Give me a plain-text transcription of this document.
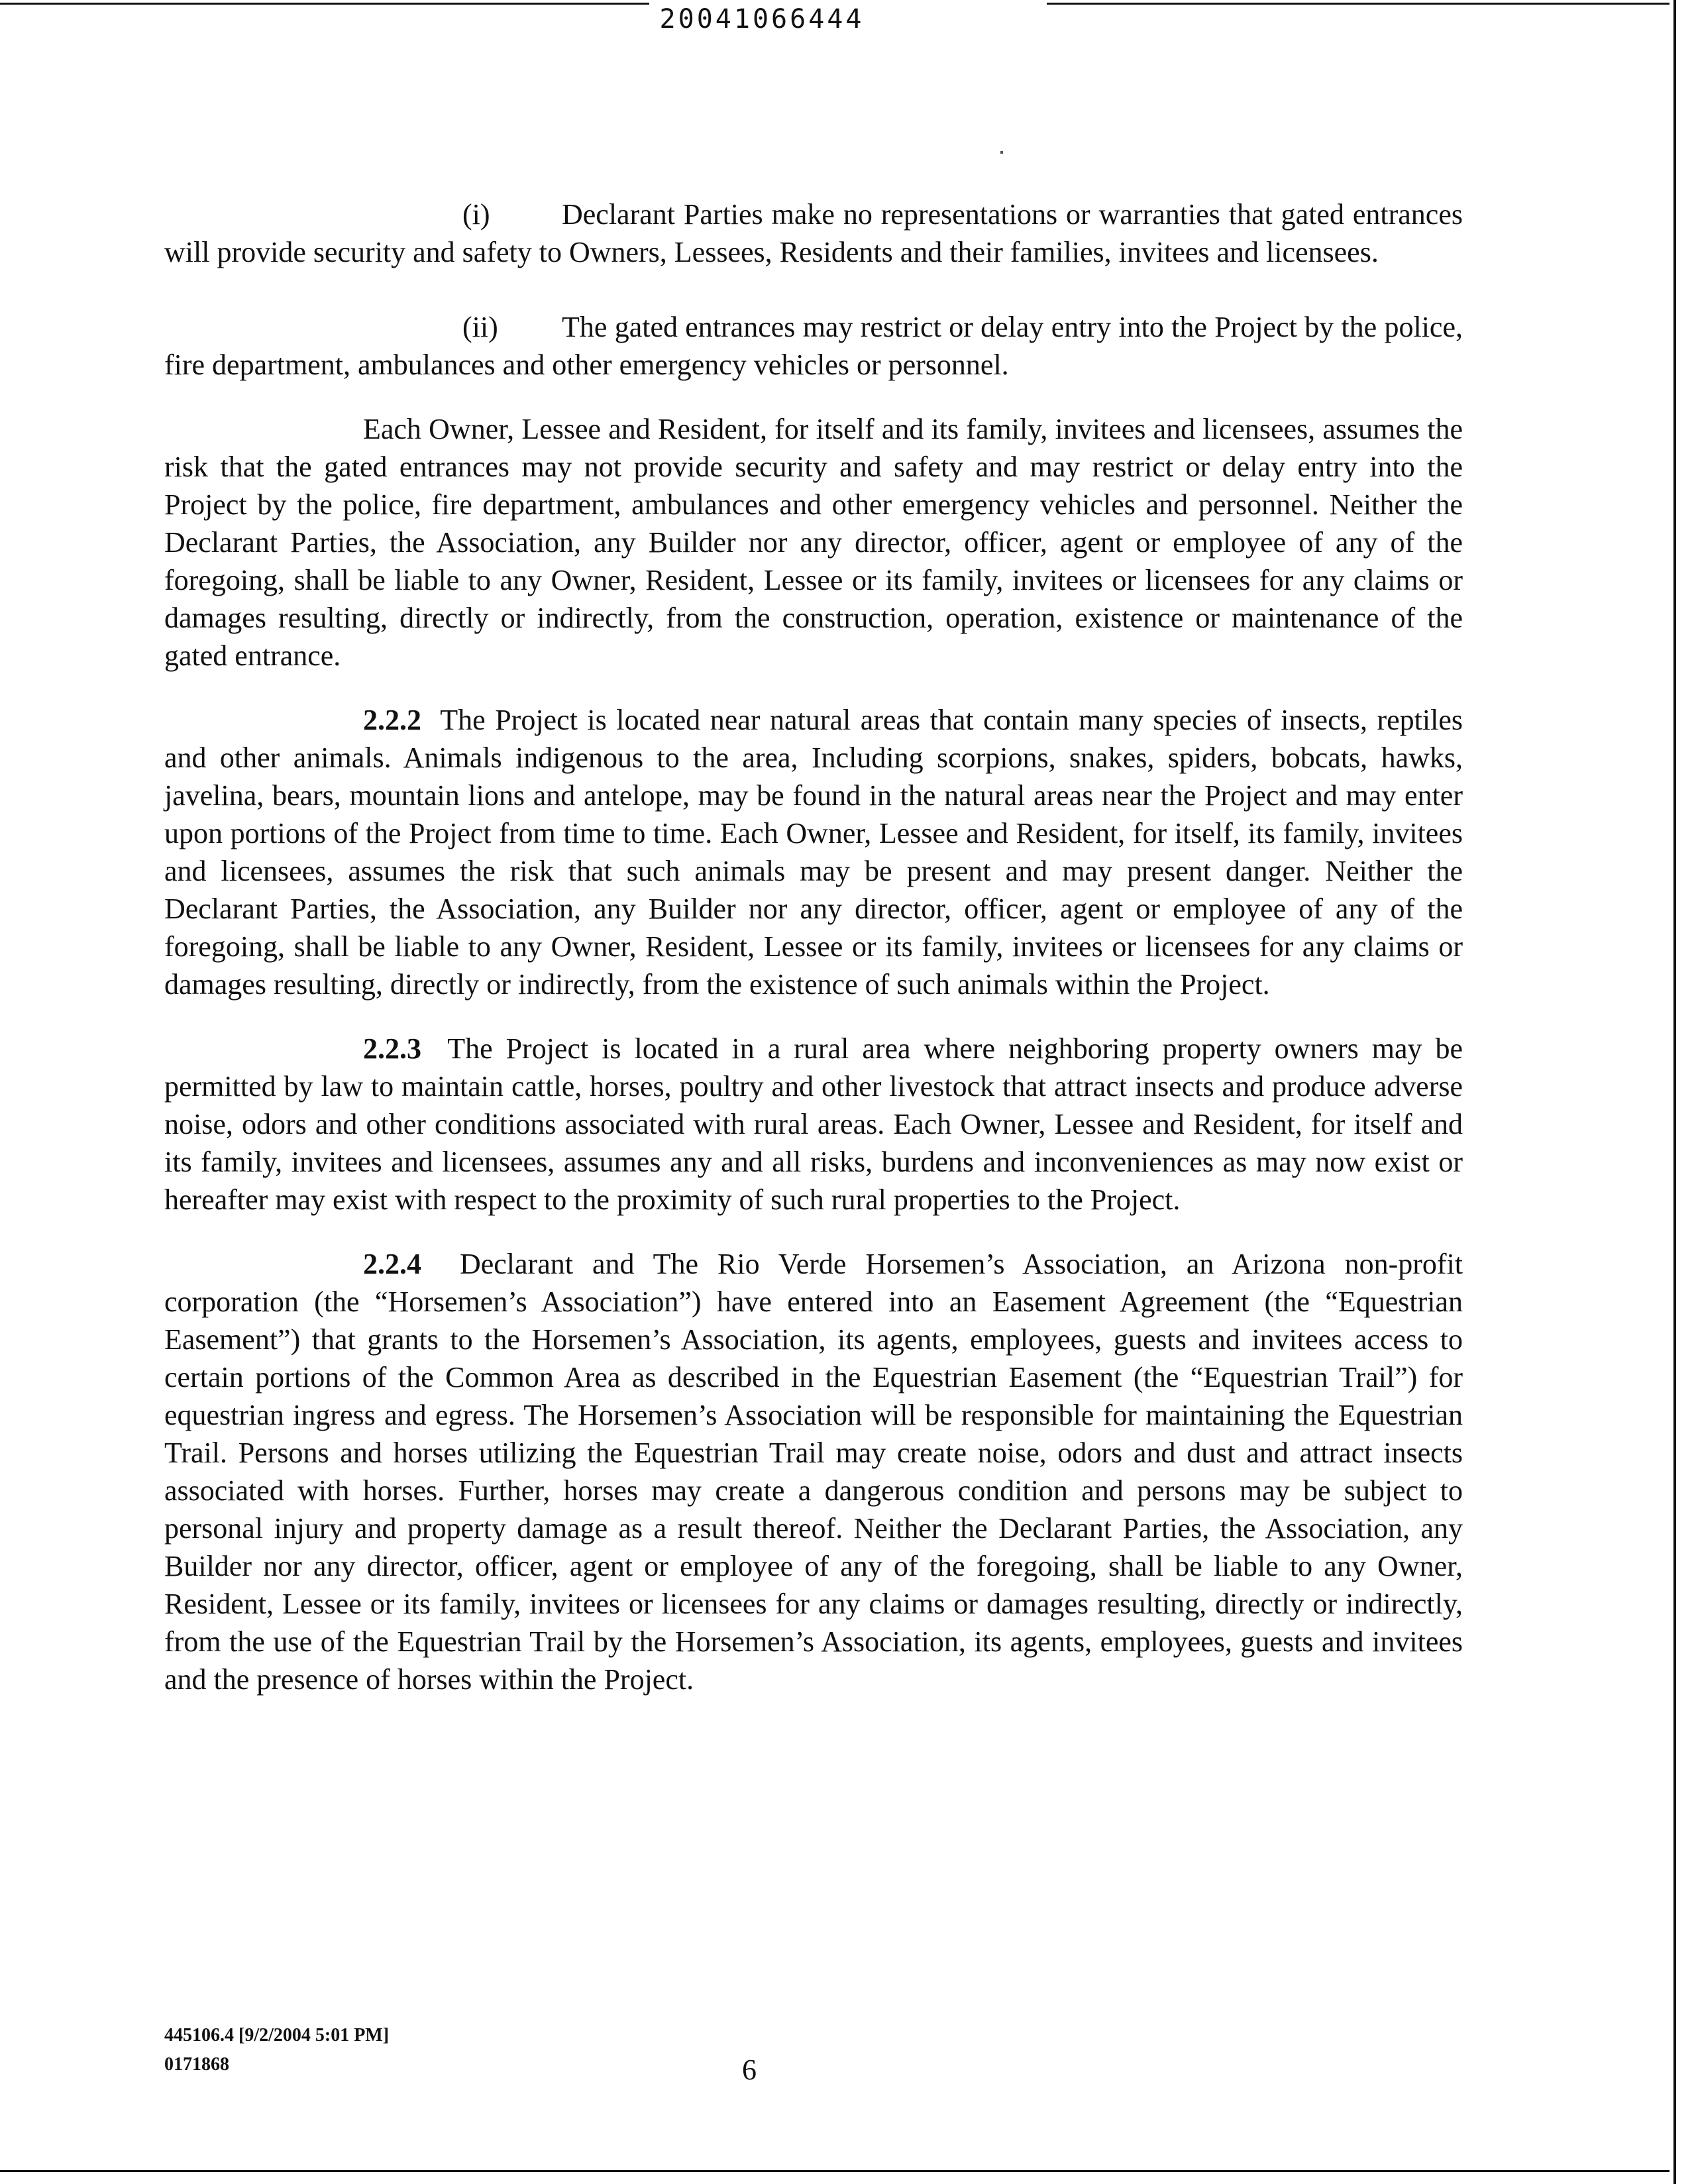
20041066444

(i) Declarant Parties make no representations or warranties that gated entrances will provide security and safety to Owners, Lessees, Residents and their families, invitees and licensees.

(ii) The gated entrances may restrict or delay entry into the Project by the police, fire department, ambulances and other emergency vehicles or personnel.

Each Owner, Lessee and Resident, for itself and its family, invitees and licensees, assumes the risk that the gated entrances may not provide security and safety and may restrict or delay entry into the Project by the police, fire department, ambulances and other emergency vehicles and personnel. Neither the Declarant Parties, the Association, any Builder nor any director, officer, agent or employee of any of the foregoing, shall be liable to any Owner, Resident, Lessee or its family, invitees or licensees for any claims or damages resulting, directly or indirectly, from the construction, operation, existence or maintenance of the gated entrance.

2.2.2 The Project is located near natural areas that contain many species of insects, reptiles and other animals. Animals indigenous to the area, Including scorpions, snakes, spiders, bobcats, hawks, javelina, bears, mountain lions and antelope, may be found in the natural areas near the Project and may enter upon portions of the Project from time to time. Each Owner, Lessee and Resident, for itself, its family, invitees and licensees, assumes the risk that such animals may be present and may present danger. Neither the Declarant Parties, the Association, any Builder nor any director, officer, agent or employee of any of the foregoing, shall be liable to any Owner, Resident, Lessee or its family, invitees or licensees for any claims or damages resulting, directly or indirectly, from the existence of such animals within the Project.

2.2.3 The Project is located in a rural area where neighboring property owners may be permitted by law to maintain cattle, horses, poultry and other livestock that attract insects and produce adverse noise, odors and other conditions associated with rural areas. Each Owner, Lessee and Resident, for itself and its family, invitees and licensees, assumes any and all risks, burdens and inconveniences as may now exist or hereafter may exist with respect to the proximity of such rural properties to the Project.

2.2.4 Declarant and The Rio Verde Horsemen’s Association, an Arizona non-profit corporation (the “Horsemen’s Association”) have entered into an Easement Agreement (the “Equestrian Easement”) that grants to the Horsemen’s Association, its agents, employees, guests and invitees access to certain portions of the Common Area as described in the Equestrian Easement (the “Equestrian Trail”) for equestrian ingress and egress. The Horsemen’s Association will be responsible for maintaining the Equestrian Trail. Persons and horses utilizing the Equestrian Trail may create noise, odors and dust and attract insects associated with horses. Further, horses may create a dangerous condition and persons may be subject to personal injury and property damage as a result thereof. Neither the Declarant Parties, the Association, any Builder nor any director, officer, agent or employee of any of the foregoing, shall be liable to any Owner, Resident, Lessee or its family, invitees or licensees for any claims or damages resulting, directly or indirectly, from the use of the Equestrian Trail by the Horsemen’s Association, its agents, employees, guests and invitees and the presence of horses within the Project.

445106.4 [9/2/2004 5:01 PM]
0171868	6
